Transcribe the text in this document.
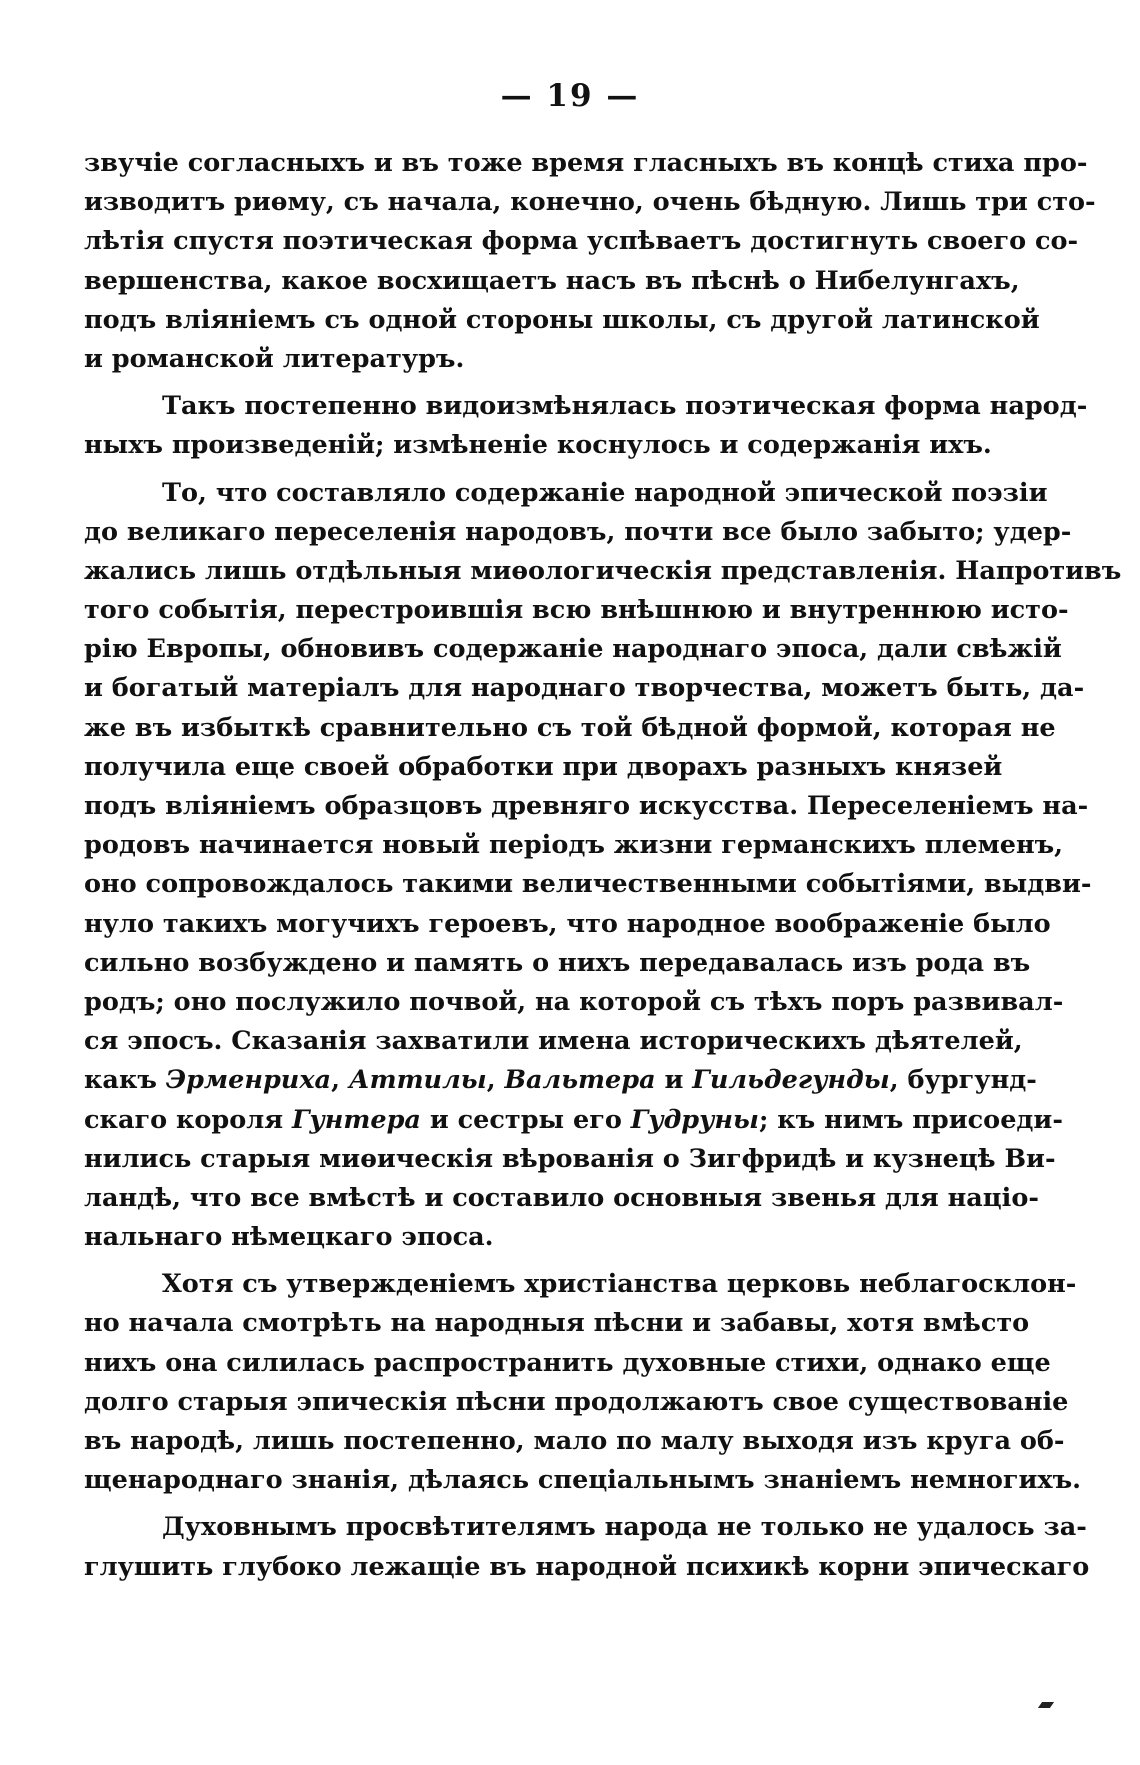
— 19 —
звучіе согласныхъ и въ тоже время гласныхъ въ концѣ стиха про-
изводитъ риѳму, съ начала, конечно, очень бѣдную. Лишь три сто-
лѣтія спустя поэтическая форма успѣваетъ достигнуть своего со-
вершенства, какое восхищаетъ насъ въ пѣснѣ о Нибелунгахъ,
подъ вліяніемъ съ одной стороны школы, съ другой латинской
и романской литературъ.
Такъ постепенно видоизмѣнялась поэтическая форма народ-
ныхъ произведеній; измѣненіе коснулось и содержанія ихъ.
То, что составляло содержаніе народной эпической поэзіи
до великаго переселенія народовъ, почти все было забыто; удер-
жались лишь отдѣльныя миѳологическія представленія. Напротивъ
того событія, перестроившія всю внѣшнюю и внутреннюю исто-
рію Европы, обновивъ содержаніе народнаго эпоса, дали свѣжій
и богатый матеріалъ для народнаго творчества, можетъ быть, да-
же въ избыткѣ сравнительно съ той бѣдной формой, которая не
получила еще своей обработки при дворахъ разныхъ князей
подъ вліяніемъ образцовъ древняго искусства. Переселеніемъ на-
родовъ начинается новый періодъ жизни германскихъ племенъ,
оно сопровождалось такими величественными событіями, выдви-
нуло такихъ могучихъ героевъ, что народное воображеніе было
сильно возбуждено и память о нихъ передавалась изъ рода въ
родъ; оно послужило почвой, на которой съ тѣхъ поръ развивал-
ся эпосъ. Сказанія захватили имена историческихъ дѣятелей,
какъ Эрменриха, Аттилы, Вальтера и Гильдегунды, бургунд-
скаго короля Гунтера и сестры его Гудруны; къ нимъ присоеди-
нились старыя миѳическія вѣрованія о Зигфридѣ и кузнецѣ Ви-
ландѣ, что все вмѣстѣ и составило основныя звенья для націо-
нальнаго нѣмецкаго эпоса.
Хотя съ утвержденіемъ христіанства церковь неблагосклон-
но начала смотрѣть на народныя пѣсни и забавы, хотя вмѣсто
нихъ она силилась распространить духовные стихи, однако еще
долго старыя эпическія пѣсни продолжаютъ свое существованіе
въ народѣ, лишь постепенно, мало по малу выходя изъ круга об-
щенароднаго знанія, дѣлаясь спеціальнымъ знаніемъ немногихъ.
Духовнымъ просвѣтителямъ народа не только не удалось за-
глушить глубоко лежащіе въ народной психикѣ корни эпическаго
